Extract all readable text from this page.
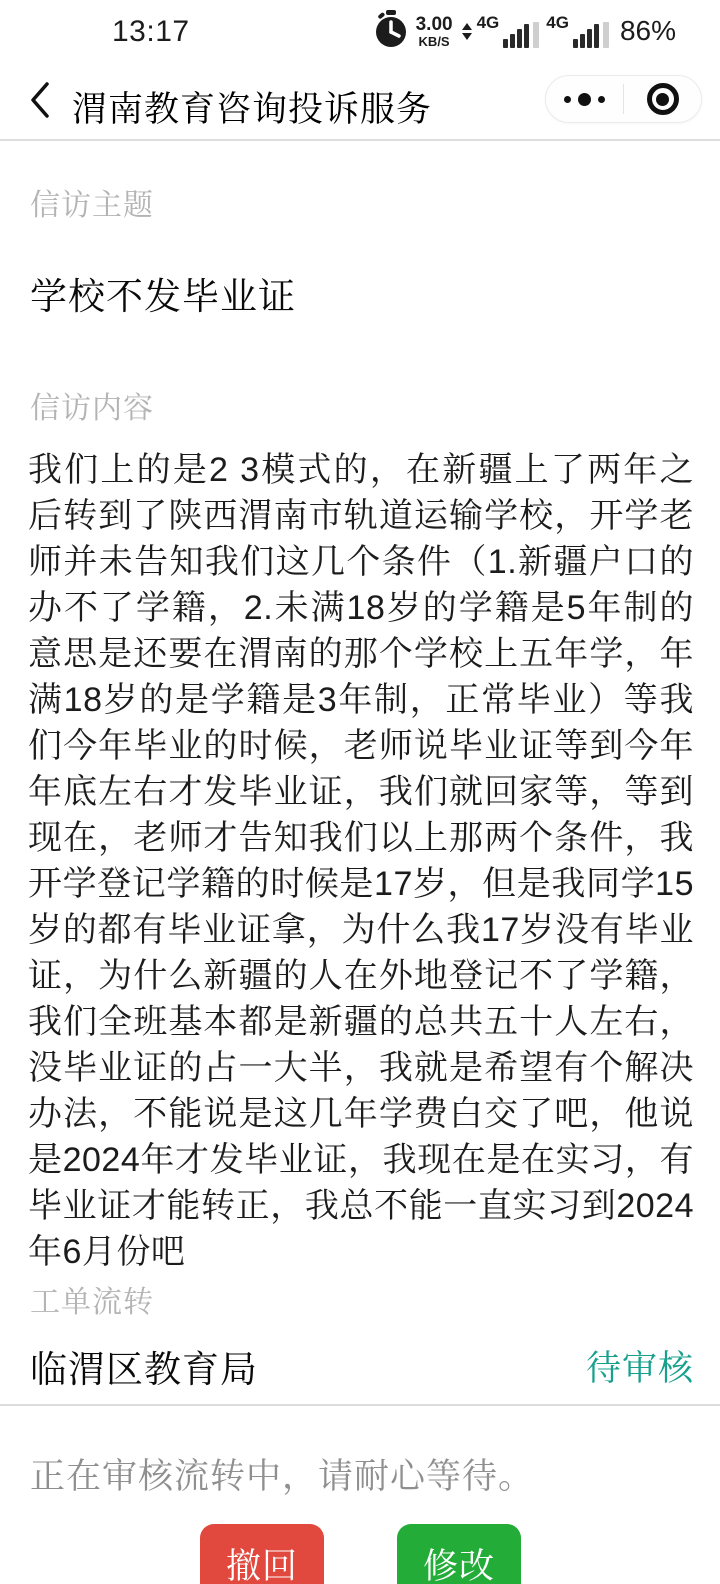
13:17	3.00
KB/S
4G	4G 86%
渭南教育咨询投诉服务
信访主题
学校不发毕业证
信访内容
我们上的是2 3模式的，在新疆上了两年之后转到了陕西渭南市轨道运输学校，开学老师并未告知我们这几个条件（1.新疆户口的办不了学籍，2.未满18岁的学籍是5年制的意思是还要在渭南的那个学校上五年学，年满18岁的是学籍是3年制，正常毕业）等我们今年毕业的时候，老师说毕业证等到今年年底左右才发毕业证，我们就回家等，等到现在，老师才告知我们以上那两个条件，我开学登记学籍的时候是17岁，但是我同学15岁的都有毕业证拿，为什么我17岁没有毕业证，为什么新疆的人在外地登记不了学籍，我们全班基本都是新疆的总共五十人左右，没毕业证的占一大半，我就是希望有个解决办法，不能说是这几年学费白交了吧，他说是2024年才发毕业证，我现在是在实习，有毕业证才能转正，我总不能一直实习到2024年6月份吧
工单流转
临渭区教育局	待审核
正在审核流转中，请耐心等待。
撤回	修改
